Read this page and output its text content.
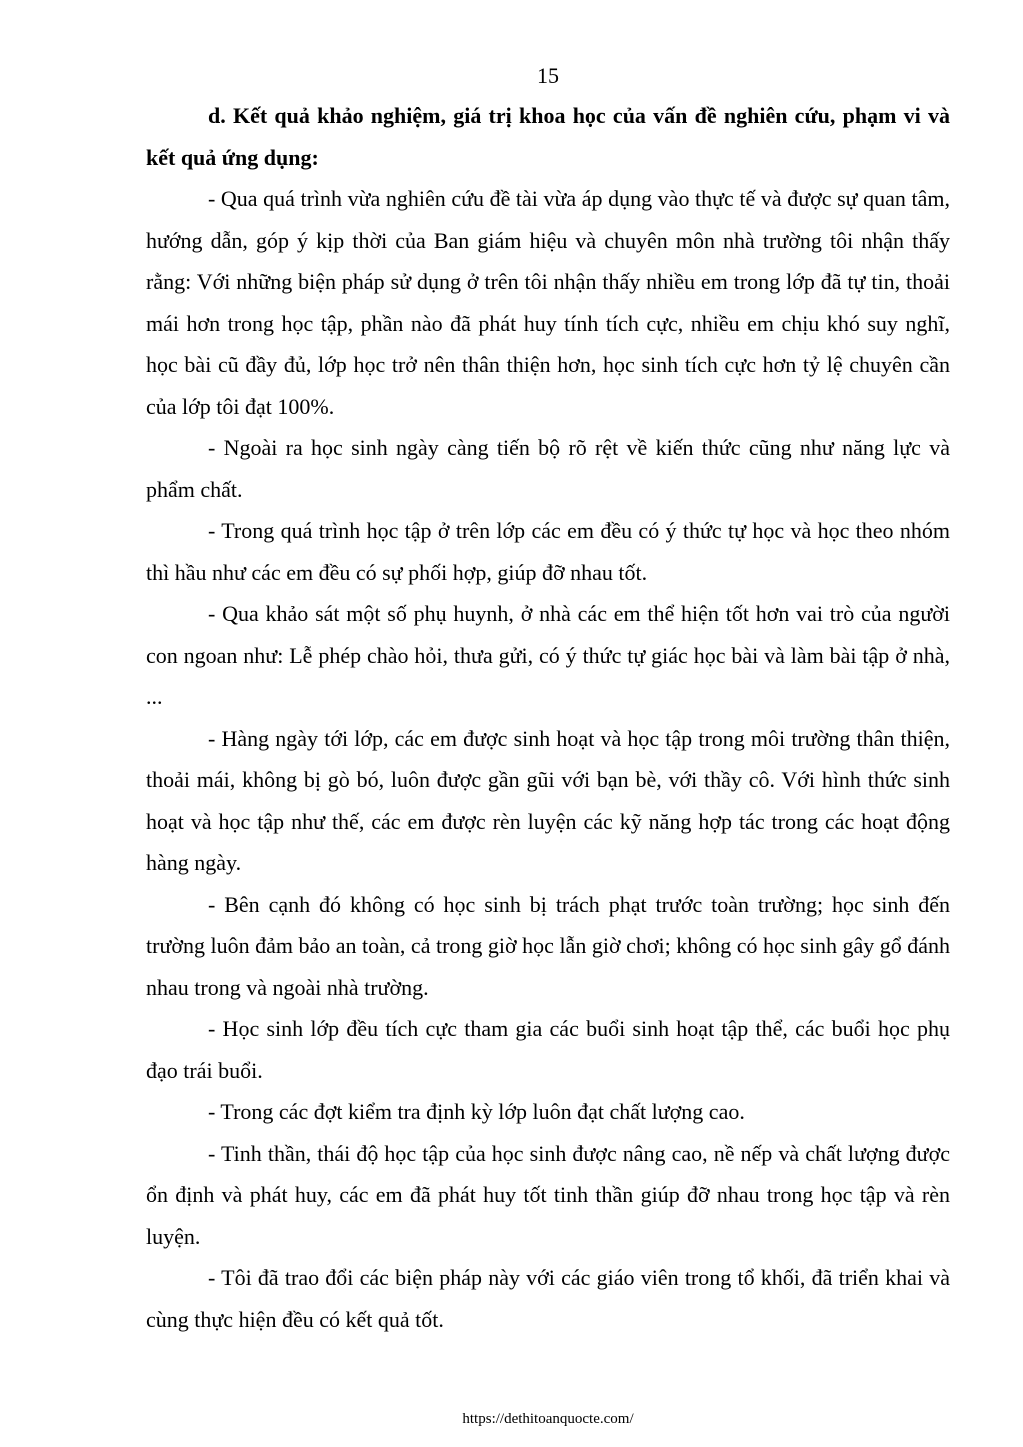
15

d. Kết quả khảo nghiệm, giá trị khoa học của vấn đề nghiên cứu, phạm vi và kết quả ứng dụng:

- Qua quá trình vừa nghiên cứu đề tài vừa áp dụng vào thực tế và được sự quan tâm, hướng dẫn, góp ý kịp thời của Ban giám hiệu và chuyên môn nhà trường tôi nhận thấy rằng: Với những biện pháp sử dụng ở trên tôi nhận thấy nhiều em trong lớp đã tự tin, thoải mái hơn trong học tập, phần nào đã phát huy tính tích cực, nhiều em chịu khó suy nghĩ, học bài cũ đầy đủ, lớp học trở nên thân thiện hơn, học sinh tích cực hơn tỷ lệ chuyên cần của lớp tôi đạt 100%.

- Ngoài ra học sinh ngày càng tiến bộ rõ rệt về kiến thức cũng như năng lực và phẩm chất.

- Trong quá trình học tập ở trên lớp các em đều có ý thức tự học và học theo nhóm thì hầu như các em đều có sự phối hợp, giúp đỡ nhau tốt.

- Qua khảo sát một số phụ huynh, ở nhà các em thể hiện tốt hơn vai trò của người con ngoan như: Lễ phép chào hỏi, thưa gửi, có ý thức tự giác học bài và làm bài tập ở nhà, ...

- Hàng ngày tới lớp, các em được sinh hoạt và học tập trong môi trường thân thiện, thoải mái, không bị gò bó, luôn được gần gũi với bạn bè, với thầy cô. Với hình thức sinh hoạt và học tập như thế, các em được rèn luyện các kỹ năng hợp tác trong các hoạt động hàng ngày.

- Bên cạnh đó không có học sinh bị trách phạt trước toàn trường; học sinh đến trường luôn đảm bảo an toàn, cả trong giờ học lẫn giờ chơi; không có học sinh gây gổ đánh nhau trong và ngoài nhà trường.

- Học sinh lớp đều tích cực tham gia các buổi sinh hoạt tập thể, các buổi học phụ đạo trái buổi.

- Trong các đợt kiểm tra định kỳ lớp luôn đạt chất lượng cao.

- Tinh thần, thái độ học tập của học sinh được nâng cao, nề nếp và chất lượng được ổn định và phát huy, các em đã phát huy tốt tinh thần giúp đỡ nhau trong học tập và rèn luyện.

- Tôi đã trao đổi các biện pháp này với các giáo viên trong tổ khối, đã triển khai và cùng thực hiện đều có kết quả tốt.

https://dethitoanquocte.com/
